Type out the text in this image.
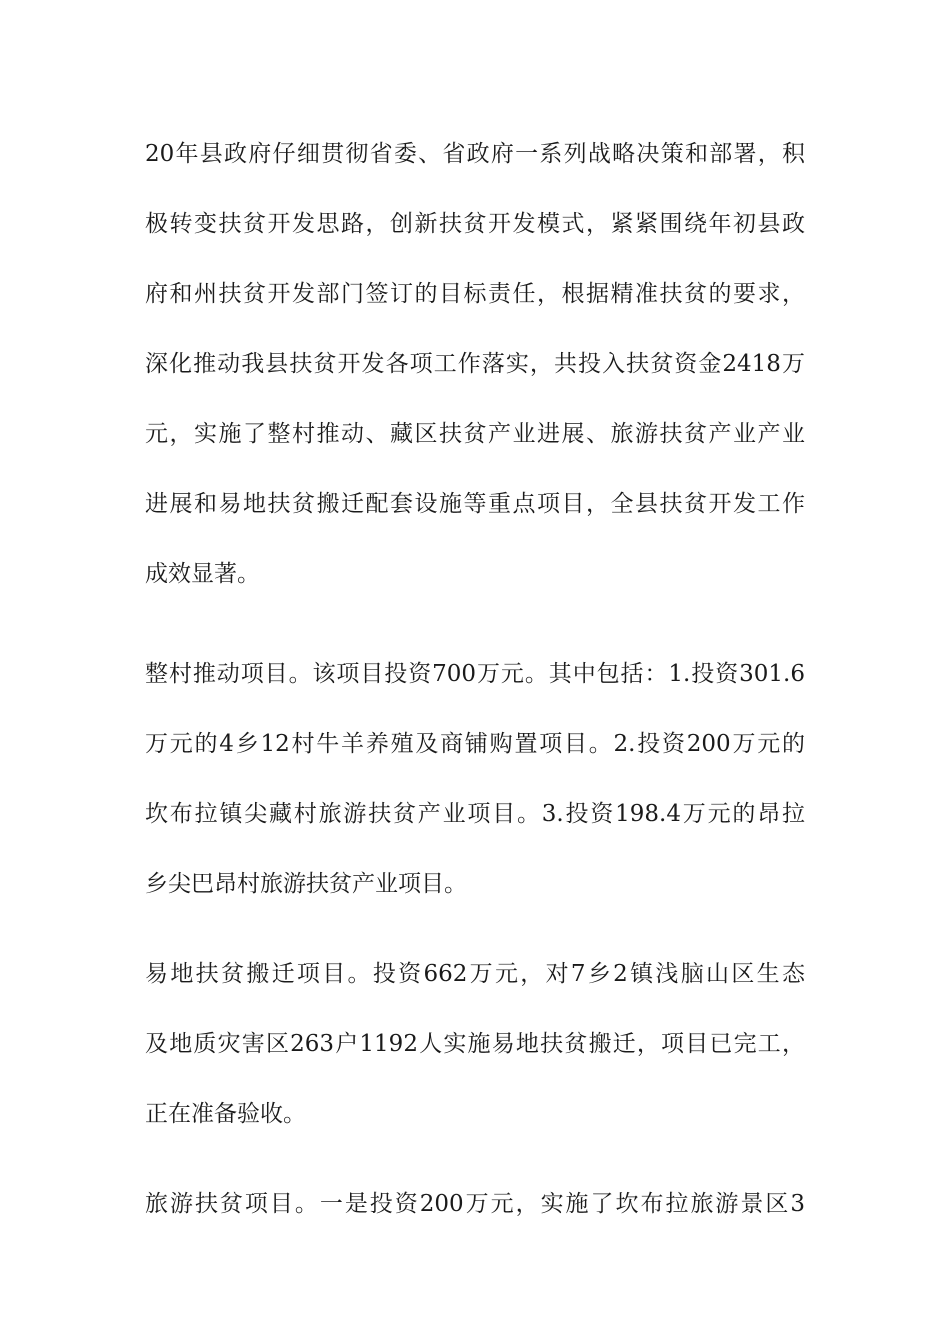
20年县政府仔细贯彻省委、省政府一系列战略决策和部署，积
极转变扶贫开发思路，创新扶贫开发模式，紧紧围绕年初县政
府和州扶贫开发部门签订的目标责任，根据精准扶贫的要求，
深化推动我县扶贫开发各项工作落实，共投入扶贫资金2418万
元，实施了整村推动、藏区扶贫产业进展、旅游扶贫产业产业
进展和易地扶贫搬迁配套设施等重点项目，全县扶贫开发工作
成效显著。
整村推动项目。该项目投资700万元。其中包括：1.投资301.6
万元的4乡12村牛羊养殖及商铺购置项目。2.投资200万元的
坎布拉镇尖藏村旅游扶贫产业项目。3.投资198.4万元的昂拉
乡尖巴昂村旅游扶贫产业项目。
易地扶贫搬迁项目。投资662万元，对7乡2镇浅脑山区生态
及地质灾害区263户1192人实施易地扶贫搬迁，项目已完工，
正在准备验收。
旅游扶贫项目。一是投资200万元，实施了坎布拉旅游景区3
